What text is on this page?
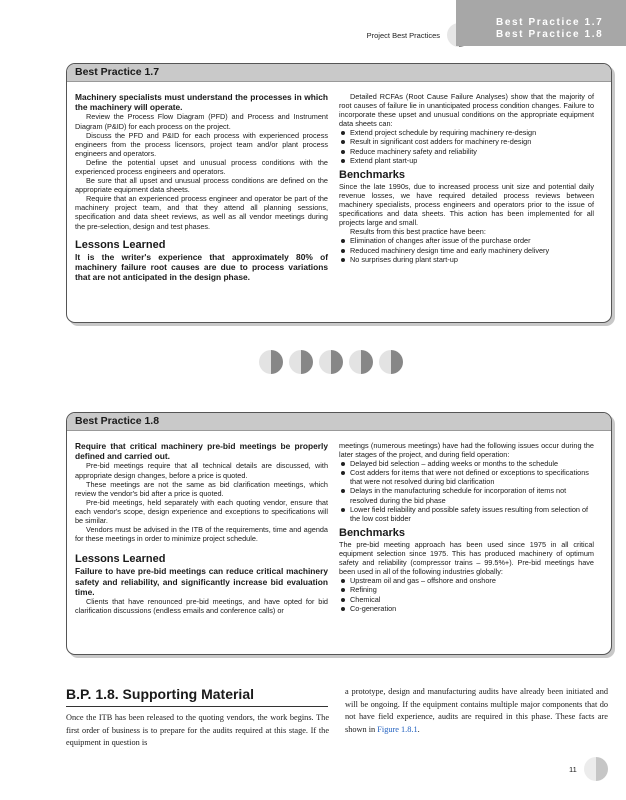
Project Best Practices
Best Practice 1.7
Best Practice 1.8
Best Practice 1.7

Machinery specialists must understand the processes in which the machinery will operate.

Review the Process Flow Diagram (PFD) and Process and Instrument Diagram (P&ID) for each process on the project.

Discuss the PFD and P&ID for each process with experienced process engineers from the process licensors, project team and/or plant process engineers and operators.

Define the potential upset and unusual process conditions with the experienced process engineers and operators.

Be sure that all upset and unusual process conditions are defined on the appropriate equipment data sheets.

Require that an experienced process engineer and operator be part of the machinery project team, and that they attend all planning sessions, specification and data sheet reviews, as well as all vendor meetings during the pre-selection, design and test phases.

Lessons Learned

It is the writer's experience that approximately 80% of machinery failure root causes are due to process variations that are not anticipated in the design phase.

Detailed RCFAs (Root Cause Failure Analyses) show that the majority of root causes of failure lie in unanticipated process condition changes. Failure to incorporate these upset and unusual conditions on the appropriate equipment data sheets can:

Extend project schedule by requiring machinery re-design
Result in significant cost adders for machinery re-design
Reduce machinery safety and reliability
Extend plant start-up
Benchmarks

Since the late 1990s, due to increased process unit size and potential daily revenue losses, we have required detailed process reviews between machinery specialists, process engineers and operators prior to the issue of specifications and data sheets. This action has been implemented for all projects large and small.

Results from this best practice have been:

Elimination of changes after issue of the purchase order
Reduced machinery design time and early machinery delivery
No surprises during plant start-up
Best Practice 1.8

Require that critical machinery pre-bid meetings be properly defined and carried out.

Pre-bid meetings require that all technical details are discussed, with appropriate design changes, before a price is quoted.

These meetings are not the same as bid clarification meetings, which review the vendor's bid after a price is quoted.

Pre-bid meetings, held separately with each quoting vendor, ensure that each vendor's scope, design experience and exceptions to specifications will be similar.

Vendors must be advised in the ITB of the requirements, time and agenda for these meetings in order to minimize project schedule.

Lessons Learned

Failure to have pre-bid meetings can reduce critical machinery safety and reliability, and significantly increase bid evaluation time.

Clients that have renounced pre-bid meetings, and have opted for bid clarification discussions (endless emails and conference calls) or

meetings (numerous meetings) have had the following issues occur during the later stages of the project, and during field operation:

Delayed bid selection – adding weeks or months to the schedule
Cost adders for items that were not defined or exceptions to specifications that were not resolved during bid clarification
Delays in the manufacturing schedule for incorporation of items not resolved during the bid phase
Lower field reliability and possible safety issues resulting from selection of the low cost bidder
Benchmarks

The pre-bid meeting approach has been used since 1975 in all critical equipment selection since 1975. This has produced machinery of optimum safety and reliability (compressor trains – 99.5%+). Pre-bid meetings have been used in all of the following industries globally:

Upstream oil and gas – offshore and onshore
Refining
Chemical
Co-generation
B.P. 1.8. Supporting Material
Once the ITB has been released to the quoting vendors, the work begins. The first order of business is to prepare for the audits required at this stage. If the equipment in question is
a prototype, design and manufacturing audits have already been initiated and will be ongoing. If the equipment contains multiple major components that do not have field experience, audits are required in this phase. These facts are shown in Figure 1.8.1.
11
